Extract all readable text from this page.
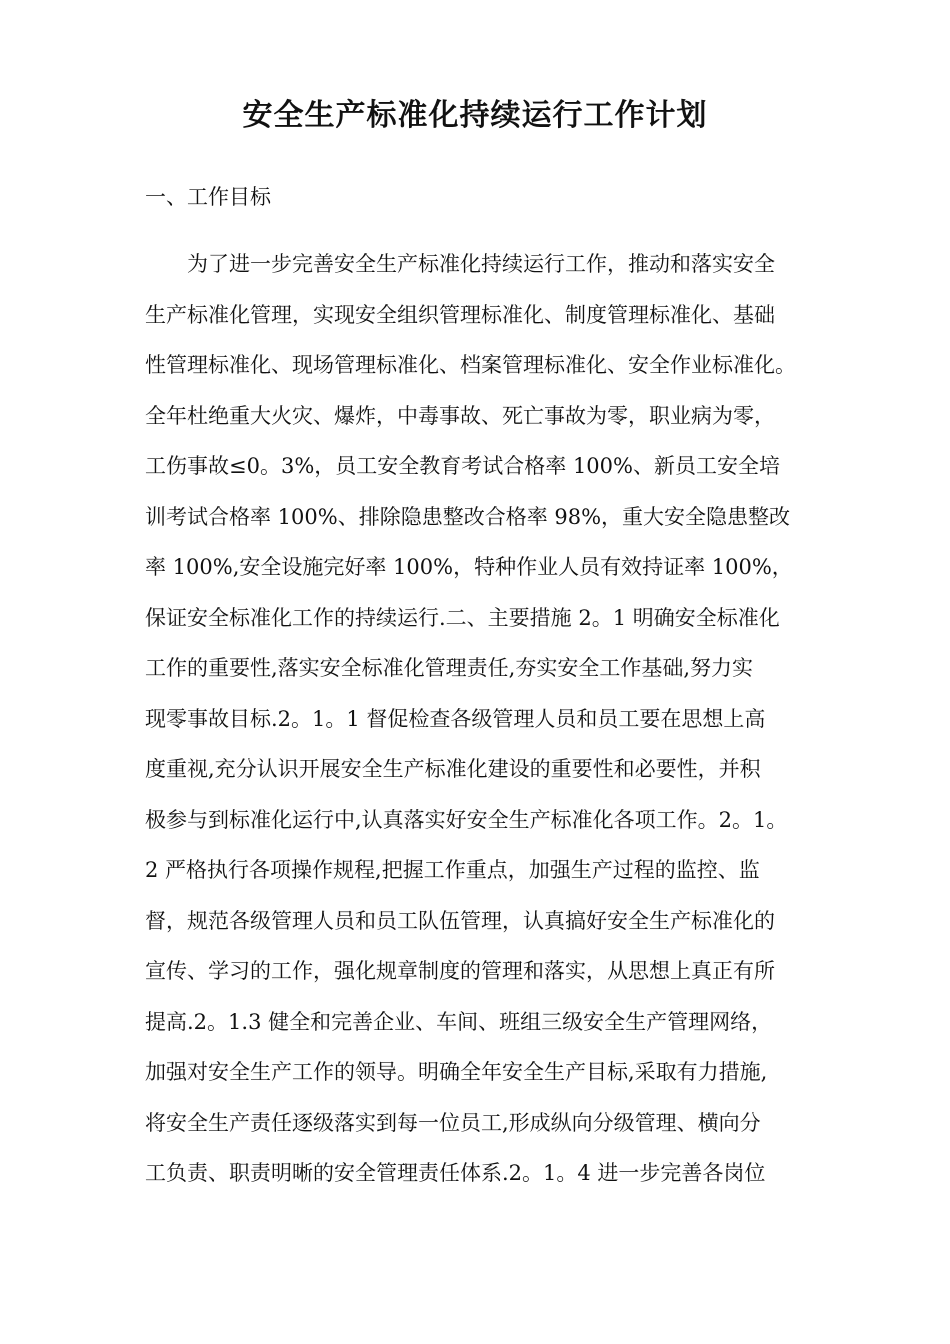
安全生产标准化持续运行工作计划
一、工作目标
为了进一步完善安全生产标准化持续运行工作，推动和落实安全
生产标准化管理，实现安全组织管理标准化、制度管理标准化、基础
性管理标准化、现场管理标准化、档案管理标准化、安全作业标准化。
全年杜绝重大火灾、爆炸，中毒事故、死亡事故为零，职业病为零，
工伤事故≤0。3%，员工安全教育考试合格率 100%、新员工安全培
训考试合格率 100%、排除隐患整改合格率 98%，重大安全隐患整改
率 100%,安全设施完好率 100%，特种作业人员有效持证率 100%，
保证安全标准化工作的持续运行.二、主要措施 2。1 明确安全标准化
工作的重要性,落实安全标准化管理责任,夯实安全工作基础,努力实
现零事故目标.2。1。1 督促检查各级管理人员和员工要在思想上高
度重视,充分认识开展安全生产标准化建设的重要性和必要性，并积
极参与到标准化运行中,认真落实好安全生产标准化各项工作。2。1。
2 严格执行各项操作规程,把握工作重点，加强生产过程的监控、监
督，规范各级管理人员和员工队伍管理，认真搞好安全生产标准化的
宣传、学习的工作，强化规章制度的管理和落实，从思想上真正有所
提高.2。1.3 健全和完善企业、车间、班组三级安全生产管理网络，
加强对安全生产工作的领导。明确全年安全生产目标,采取有力措施,
将安全生产责任逐级落实到每一位员工,形成纵向分级管理、横向分
工负责、职责明晰的安全管理责任体系.2。1。4 进一步完善各岗位
